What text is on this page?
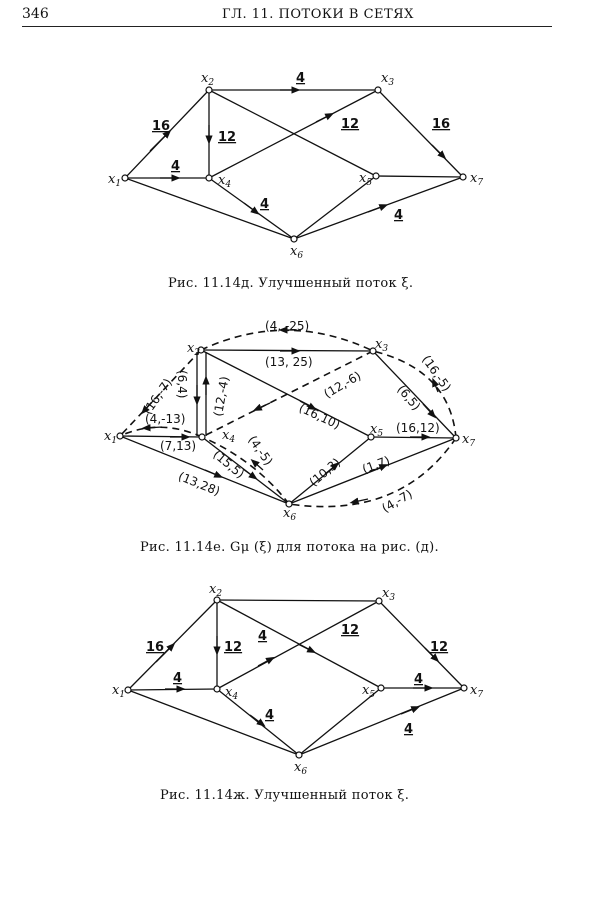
346	ГЛ. 11. ПОТОКИ В СЕТЯХ
$x_1$
$x_2$	$x_3$
$x_4$	$x_5$
$x_6$
$x_7$
16
4
12
4
12	16
4
4
$x_1$
$x_2$
$x_3$
$x_4$
$x_5$
$x_6$
$x_7$
(4, -25)
(13, 25)
(16,-7)
(4,-13)
(7,13)
(6,4) (12,-4)	(12,-6)
(16,10)
(6,5)
(16,-5)
(16,12)
(4,-5)
(15,5)
(13,28)	(10,3) (1,7)
(4,-7)
$x_1$
$x_2$	$x_3$
$x_4$	$x_5$
$x_6$
$x_7$
16	12
4	12
12
4
4
4
4
Рис. 11.14д. Улучшенный поток ξ.
Рис. 11.14е. Gμ (ξ) для потока на рис. (д).
Рис. 11.14ж. Улучшенный поток ξ.
